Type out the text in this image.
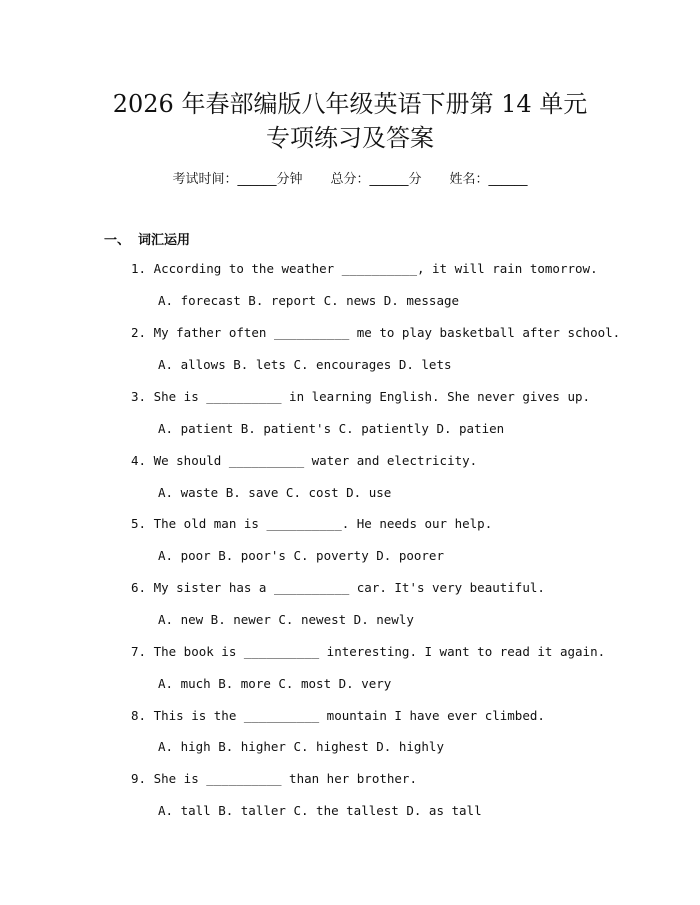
2026 年春部编版八年级英语下册第 14 单元
专项练习及答案
考试时间：______分钟 总分：______分 姓名：______
一、 词汇运用
1. According to the weather __________, it will rain tomorrow.
A. forecast B. report C. news D. message
2. My father often __________ me to play basketball after school.
A. allows B. lets C. encourages D. lets
3. She is __________ in learning English. She never gives up.
A. patient B. patient's C. patiently D. patien
4. We should __________ water and electricity.
A. waste B. save C. cost D. use
5. The old man is __________. He needs our help.
A. poor B. poor's C. poverty D. poorer
6. My sister has a __________ car. It's very beautiful.
A. new B. newer C. newest D. newly
7. The book is __________ interesting. I want to read it again.
A. much B. more C. most D. very
8. This is the __________ mountain I have ever climbed.
A. high B. higher C. highest D. highly
9. She is __________ than her brother.
A. tall B. taller C. the tallest D. as tall
